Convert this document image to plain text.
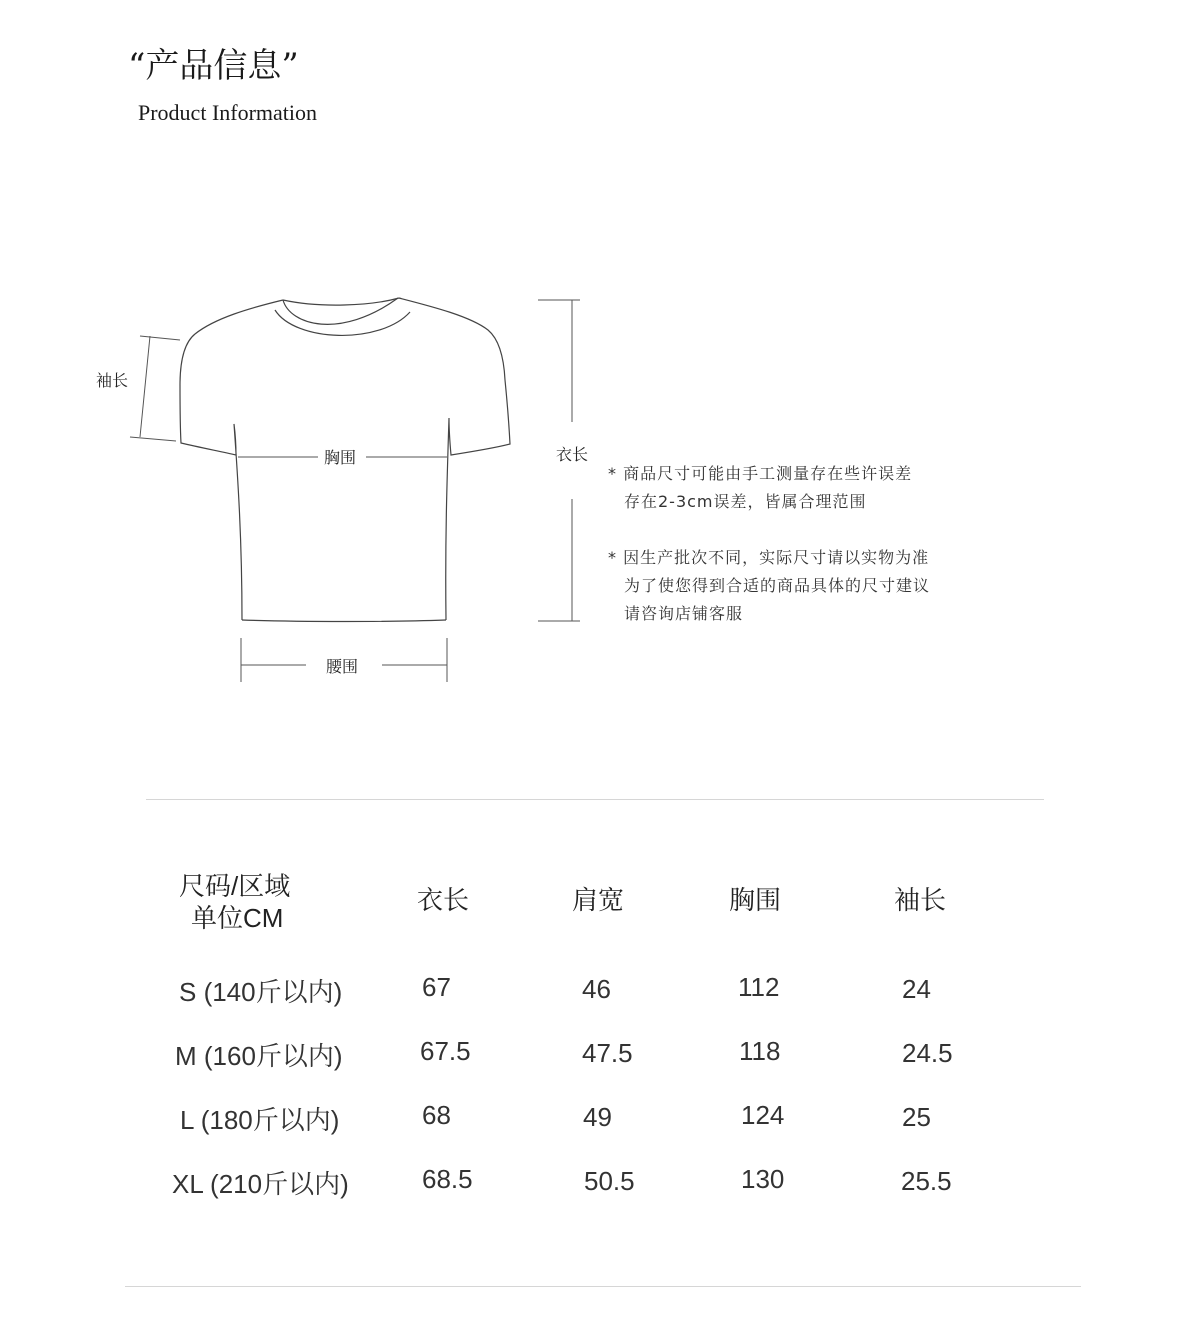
“产品信息”
Product Information
袖长
胸围
腰围
衣长
* 商品尺寸可能由手工测量存在些许误差
存在2-3cm误差，皆属合理范围
* 因生产批次不同，实际尺寸请以实物为准
为了使您得到合适的商品具体的尺寸建议
请咨询店铺客服
尺码/区域
单位CM
衣长	肩宽	胸围	袖长
S (140斤以内)	67	46	112	24
M (160斤以内)	67.5	47.5	118	24.5
L (180斤以内)	68	49	124	25
XL (210斤以内)	68.5	50.5	130	25.5
